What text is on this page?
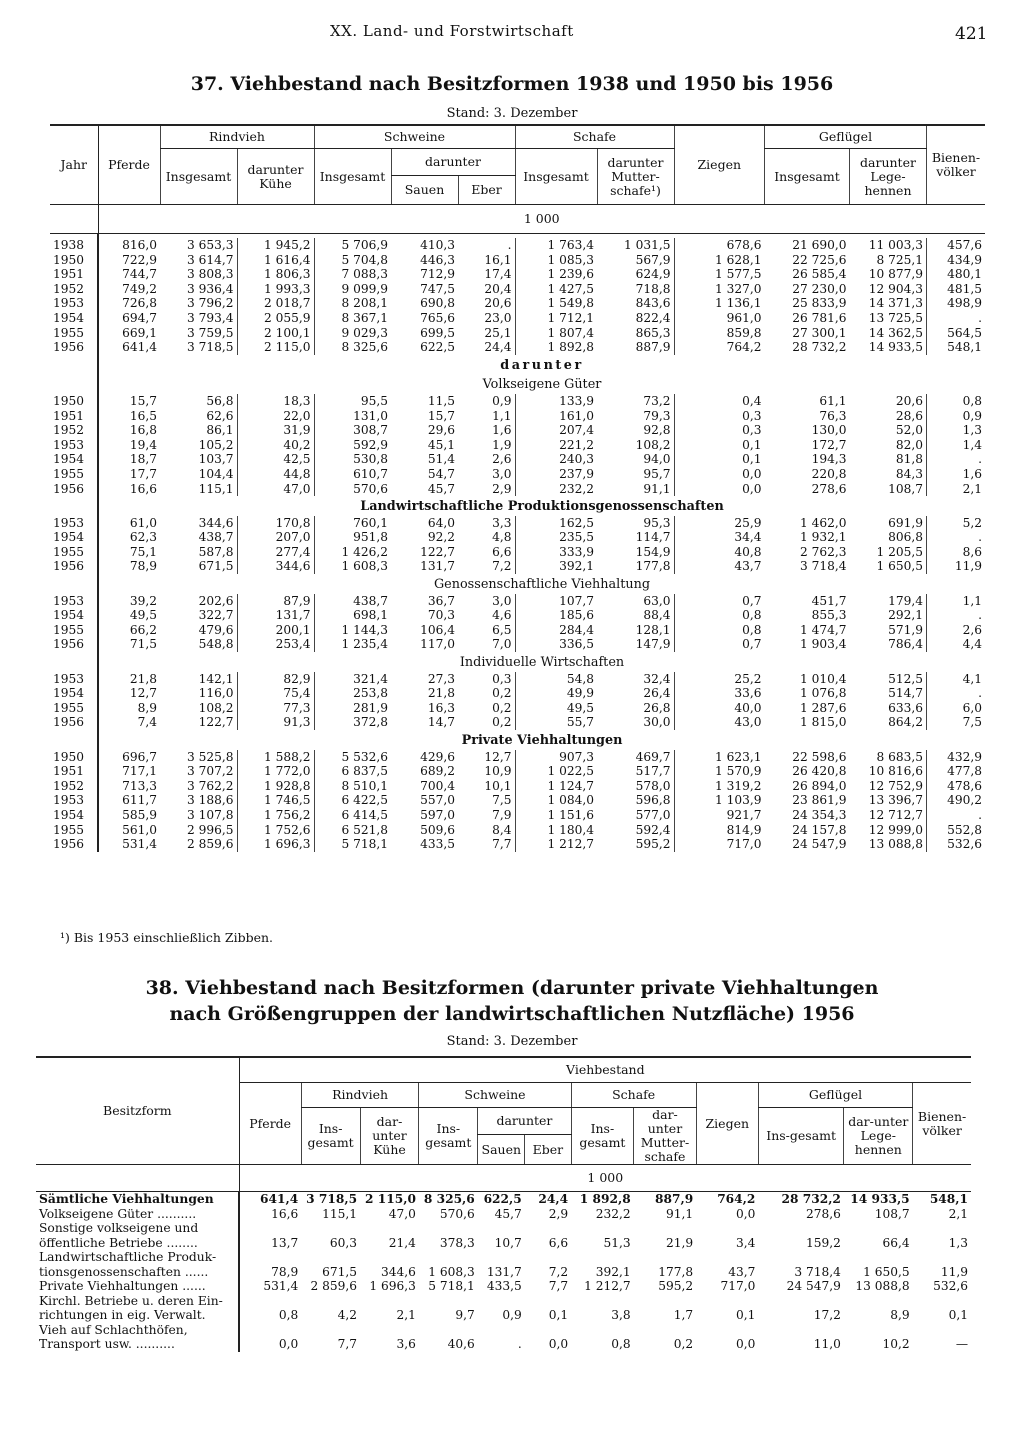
XX. Land- und Forstwirtschaft	421
37. Viehbestand nach Besitzformen 1938 und 1950 bis 1956
Stand: 3. Dezember
Jahr	Pferde	Rindvieh		Schweine			Schafe		Ziegen	Geflügel		Bienen-völker
		Insgesamt	darunter Kühe	Insgesamt	darunter		Insgesamt	darunter Mutter-schafe¹)		Insgesamt	darunter Lege-hennen	
					Sauen	Eber						
	1 000											

1938	816,0	3 653,3	1 945,2	5 706,9	410,3	.	1 763,4	1 031,5	678,6	21 690,0	11 003,3	457,6
1950	722,9	3 614,7	1 616,4	5 704,8	446,3	16,1	1 085,3	567,9	1 628,1	22 725,6	8 725,1	434,9
1951	744,7	3 808,3	1 806,3	7 088,3	712,9	17,4	1 239,6	624,9	1 577,5	26 585,4	10 877,9	480,1
1952	749,2	3 936,4	1 993,3	9 099,9	747,5	20,4	1 427,5	718,8	1 327,0	27 230,0	12 904,3	481,5
1953	726,8	3 796,2	2 018,7	8 208,1	690,8	20,6	1 549,8	843,6	1 136,1	25 833,9	14 371,3	498,9
1954	694,7	3 793,4	2 055,9	8 367,1	765,6	23,0	1 712,1	822,4	961,0	26 781,6	13 725,5	.
1955	669,1	3 759,5	2 100,1	9 029,3	699,5	25,1	1 807,4	865,3	859,8	27 300,1	14 362,5	564,5
1956	641,4	3 718,5	2 115,0	8 325,6	622,5	24,4	1 892,8	887,9	764,2	28 732,2	14 933,5	548,1
	darunter											
	Volkseigene Güter											
1950	15,7	56,8	18,3	95,5	11,5	0,9	133,9	73,2	0,4	61,1	20,6	0,8
1951	16,5	62,6	22,0	131,0	15,7	1,1	161,0	79,3	0,3	76,3	28,6	0,9
1952	16,8	86,1	31,9	308,7	29,6	1,6	207,4	92,8	0,3	130,0	52,0	1,3
1953	19,4	105,2	40,2	592,9	45,1	1,9	221,2	108,2	0,1	172,7	82,0	1,4
1954	18,7	103,7	42,5	530,8	51,4	2,6	240,3	94,0	0,1	194,3	81,8	.
1955	17,7	104,4	44,8	610,7	54,7	3,0	237,9	95,7	0,0	220,8	84,3	1,6
1956	16,6	115,1	47,0	570,6	45,7	2,9	232,2	91,1	0,0	278,6	108,7	2,1
	Landwirtschaftliche Produktionsgenossenschaften											
1953	61,0	344,6	170,8	760,1	64,0	3,3	162,5	95,3	25,9	1 462,0	691,9	5,2
1954	62,3	438,7	207,0	951,8	92,2	4,8	235,5	114,7	34,4	1 932,1	806,8	.
1955	75,1	587,8	277,4	1 426,2	122,7	6,6	333,9	154,9	40,8	2 762,3	1 205,5	8,6
1956	78,9	671,5	344,6	1 608,3	131,7	7,2	392,1	177,8	43,7	3 718,4	1 650,5	11,9
	Genossenschaftliche Viehhaltung											
1953	39,2	202,6	87,9	438,7	36,7	3,0	107,7	63,0	0,7	451,7	179,4	1,1
1954	49,5	322,7	131,7	698,1	70,3	4,6	185,6	88,4	0,8	855,3	292,1	.
1955	66,2	479,6	200,1	1 144,3	106,4	6,5	284,4	128,1	0,8	1 474,7	571,9	2,6
1956	71,5	548,8	253,4	1 235,4	117,0	7,0	336,5	147,9	0,7	1 903,4	786,4	4,4
	Individuelle Wirtschaften											
1953	21,8	142,1	82,9	321,4	27,3	0,3	54,8	32,4	25,2	1 010,4	512,5	4,1
1954	12,7	116,0	75,4	253,8	21,8	0,2	49,9	26,4	33,6	1 076,8	514,7	.
1955	8,9	108,2	77,3	281,9	16,3	0,2	49,5	26,8	40,0	1 287,6	633,6	6,0
1956	7,4	122,7	91,3	372,8	14,7	0,2	55,7	30,0	43,0	1 815,0	864,2	7,5
	Private Viehhaltungen											
1950	696,7	3 525,8	1 588,2	5 532,6	429,6	12,7	907,3	469,7	1 623,1	22 598,6	8 683,5	432,9
1951	717,1	3 707,2	1 772,0	6 837,5	689,2	10,9	1 022,5	517,7	1 570,9	26 420,8	10 816,6	477,8
1952	713,3	3 762,2	1 928,8	8 510,1	700,4	10,1	1 124,7	578,0	1 319,2	26 894,0	12 752,9	478,6
1953	611,7	3 188,6	1 746,5	6 422,5	557,0	7,5	1 084,0	596,8	1 103,9	23 861,9	13 396,7	490,2
1954	585,9	3 107,8	1 756,2	6 414,5	597,0	7,9	1 151,6	577,0	921,7	24 354,3	12 712,7	.
1955	561,0	2 996,5	1 752,6	6 521,8	509,6	8,4	1 180,4	592,4	814,9	24 157,8	12 999,0	552,8
1956	531,4	2 859,6	1 696,3	5 718,1	433,5	7,7	1 212,7	595,2	717,0	24 547,9	13 088,8	532,6
¹) Bis 1953 einschließlich Zibben.
38. Viehbestand nach Besitzformen (darunter private Viehhaltungen
nach Größengruppen der landwirtschaftlichen Nutzfläche) 1956
Stand: 3. Dezember
Besitzform	Viehbestand											
	Pferde	Rindvieh		Schweine			Schafe		Ziegen	Geflügel		Bienen-völker
		Ins-gesamt	dar-unter Kühe	Ins-gesamt	darunter		Ins-gesamt	dar-unter Mutter-schafe		Ins-gesamt	dar-unter Lege-hennen	
					Sauen	Eber						
	1 000											
Sämtliche Viehhaltungen	641,4	3 718,5	2 115,0	8 325,6	622,5	24,4	1 892,8	887,9	764,2	28 732,2	14 933,5	548,1
Volkseigene Güter ..........	16,6	115,1	47,0	570,6	45,7	2,9	232,2	91,1	0,0	278,6	108,7	2,1
Sonstige volkseigene und öffentliche Betriebe ........	13,7	60,3	21,4	378,3	10,7	6,6	51,3	21,9	3,4	159,2	66,4	1,3
Landwirtschaftliche Produk-tionsgenossenschaften ......	78,9	671,5	344,6	1 608,3	131,7	7,2	392,1	177,8	43,7	3 718,4	1 650,5	11,9
Private Viehhaltungen ......	531,4	2 859,6	1 696,3	5 718,1	433,5	7,7	1 212,7	595,2	717,0	24 547,9	13 088,8	532,6
Kirchl. Betriebe u. deren Ein-richtungen in eig. Verwalt.	0,8	4,2	2,1	9,7	0,9	0,1	3,8	1,7	0,1	17,2	8,9	0,1
Vieh auf Schlachthöfen, Transport usw. ..........	0,0	7,7	3,6	40,6	.	0,0	0,8	0,2	0,0	11,0	10,2	—
